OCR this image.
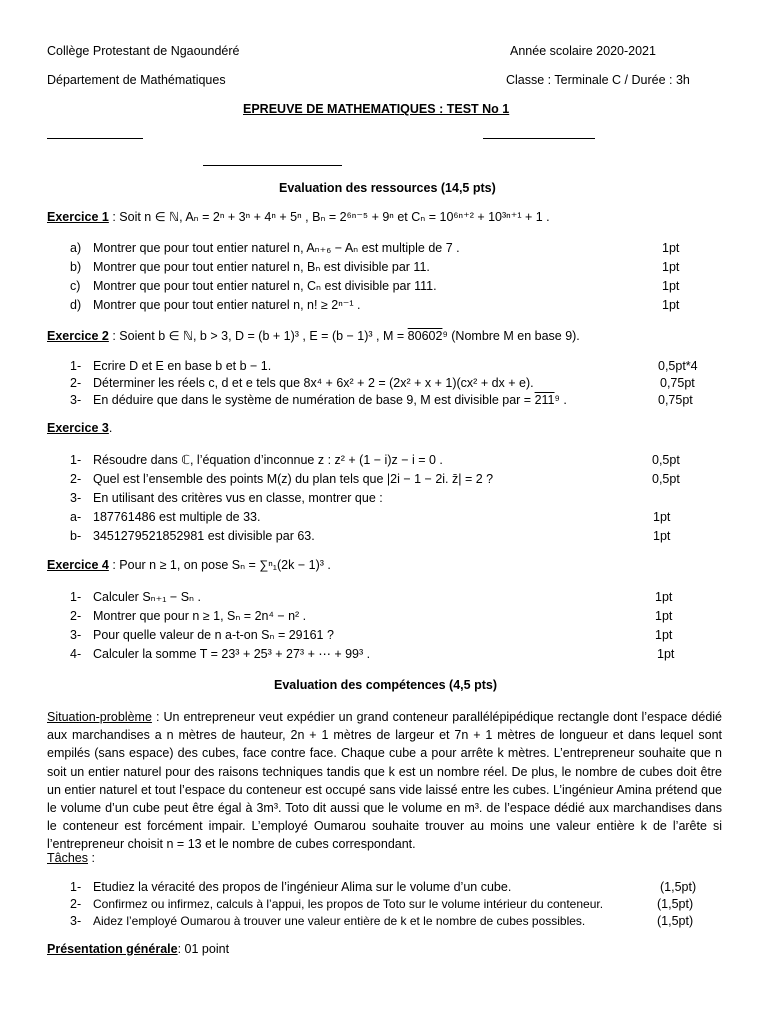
Collège Protestant de Ngaoundéré	Année scolaire 2020-2021
Département de Mathématiques	Classe : Terminale C / Durée : 3h
EPREUVE DE MATHEMATIQUES : TEST No 1
Evaluation des ressources (14,5 pts)
Exercice 1 : Soit n ∈ ℕ, Aₙ = 2ⁿ + 3ⁿ + 4ⁿ + 5ⁿ , Bₙ = 2⁶ⁿ⁻⁵ + 9ⁿ et Cₙ = 10⁶ⁿ⁺² + 10³ⁿ⁺¹ + 1 .
a) Montrer que pour tout entier naturel n, Aₙ₊₆ − Aₙ est multiple de 7 .	1pt
b) Montrer que pour tout entier naturel n, Bₙ est divisible par 11.	1pt
c) Montrer que pour tout entier naturel n, Cₙ est divisible par 111.	1pt
d) Montrer que pour tout entier naturel n, n! ≥ 2ⁿ⁻¹ .	1pt
Exercice 2 : Soient b ∈ ℕ, b > 3, D = (b + 1)³ , E = (b − 1)³ , M = 80602⁹ (Nombre M en base 9).
1- Ecrire D et E en base b et b − 1.	0,5pt*4
2- Déterminer les réels c, d et e tels que 8x⁴ + 6x² + 2 = (2x² + x + 1)(cx² + dx + e).	0,75pt
3- En déduire que dans le système de numération de base 9, M est divisible par = 211⁹ .	0,75pt
Exercice 3.
1- Résoudre dans ℂ, l’équation d’inconnue z : z² + (1 − i)z − i = 0 .	0,5pt
2- Quel est l’ensemble des points M(z) du plan tels que |2i − 1 − 2i. z̄| = 2 ?	0,5pt
3- En utilisant des critères vus en classe, montrer que :
a- 187761486 est multiple de 33.	1pt
b- 3451279521852981 est divisible par 63.	1pt
Exercice 4 : Pour n ≥ 1, on pose Sₙ = ∑ⁿ₁(2k − 1)³ .
1- Calculer Sₙ₊₁ − Sₙ .	1pt
2- Montrer que pour n ≥ 1, Sₙ = 2n⁴ − n² .	1pt
3- Pour quelle valeur de n a-t-on Sₙ = 29161 ?	1pt
4- Calculer la somme T = 23³ + 25³ + 27³ + ⋯ + 99³ .	1pt
Evaluation des compétences (4,5 pts)
Situation-problème : Un entrepreneur veut expédier un grand conteneur parallélépipédique rectangle dont l’espace dédié aux marchandises a n mètres de hauteur, 2n + 1 mètres de largeur et 7n + 1 mètres de longueur et dans lequel sont empilés (sans espace) des cubes, face contre face. Chaque cube a pour arrête k mètres. L’entrepreneur souhaite que n soit un entier naturel pour des raisons techniques tandis que k est un nombre réel. De plus, le nombre de cubes doit être un entier naturel et tout l’espace du conteneur est occupé sans vide laissé entre les cubes. L’ingénieur Amina prétend que le volume d’un cube peut être égal à 3m³. Toto dit aussi que le volume en m³. de l’espace dédié aux marchandises dans le conteneur est forcément impair. L’employé Oumarou souhaite trouver au moins une valeur entière k de l’arête si l’entrepreneur choisit n = 13 et le nombre de cubes correspondant.
Tâches :
1- Etudiez la véracité des propos de l’ingénieur Alima sur le volume d’un cube.	(1,5pt)
2- Confirmez ou infirmez, calculs à l’appui, les propos de Toto sur le volume intérieur du conteneur.	(1,5pt)
3- Aidez l’employé Oumarou à trouver une valeur entière de k et le nombre de cubes possibles.	(1,5pt)
Présentation générale: 01 point
